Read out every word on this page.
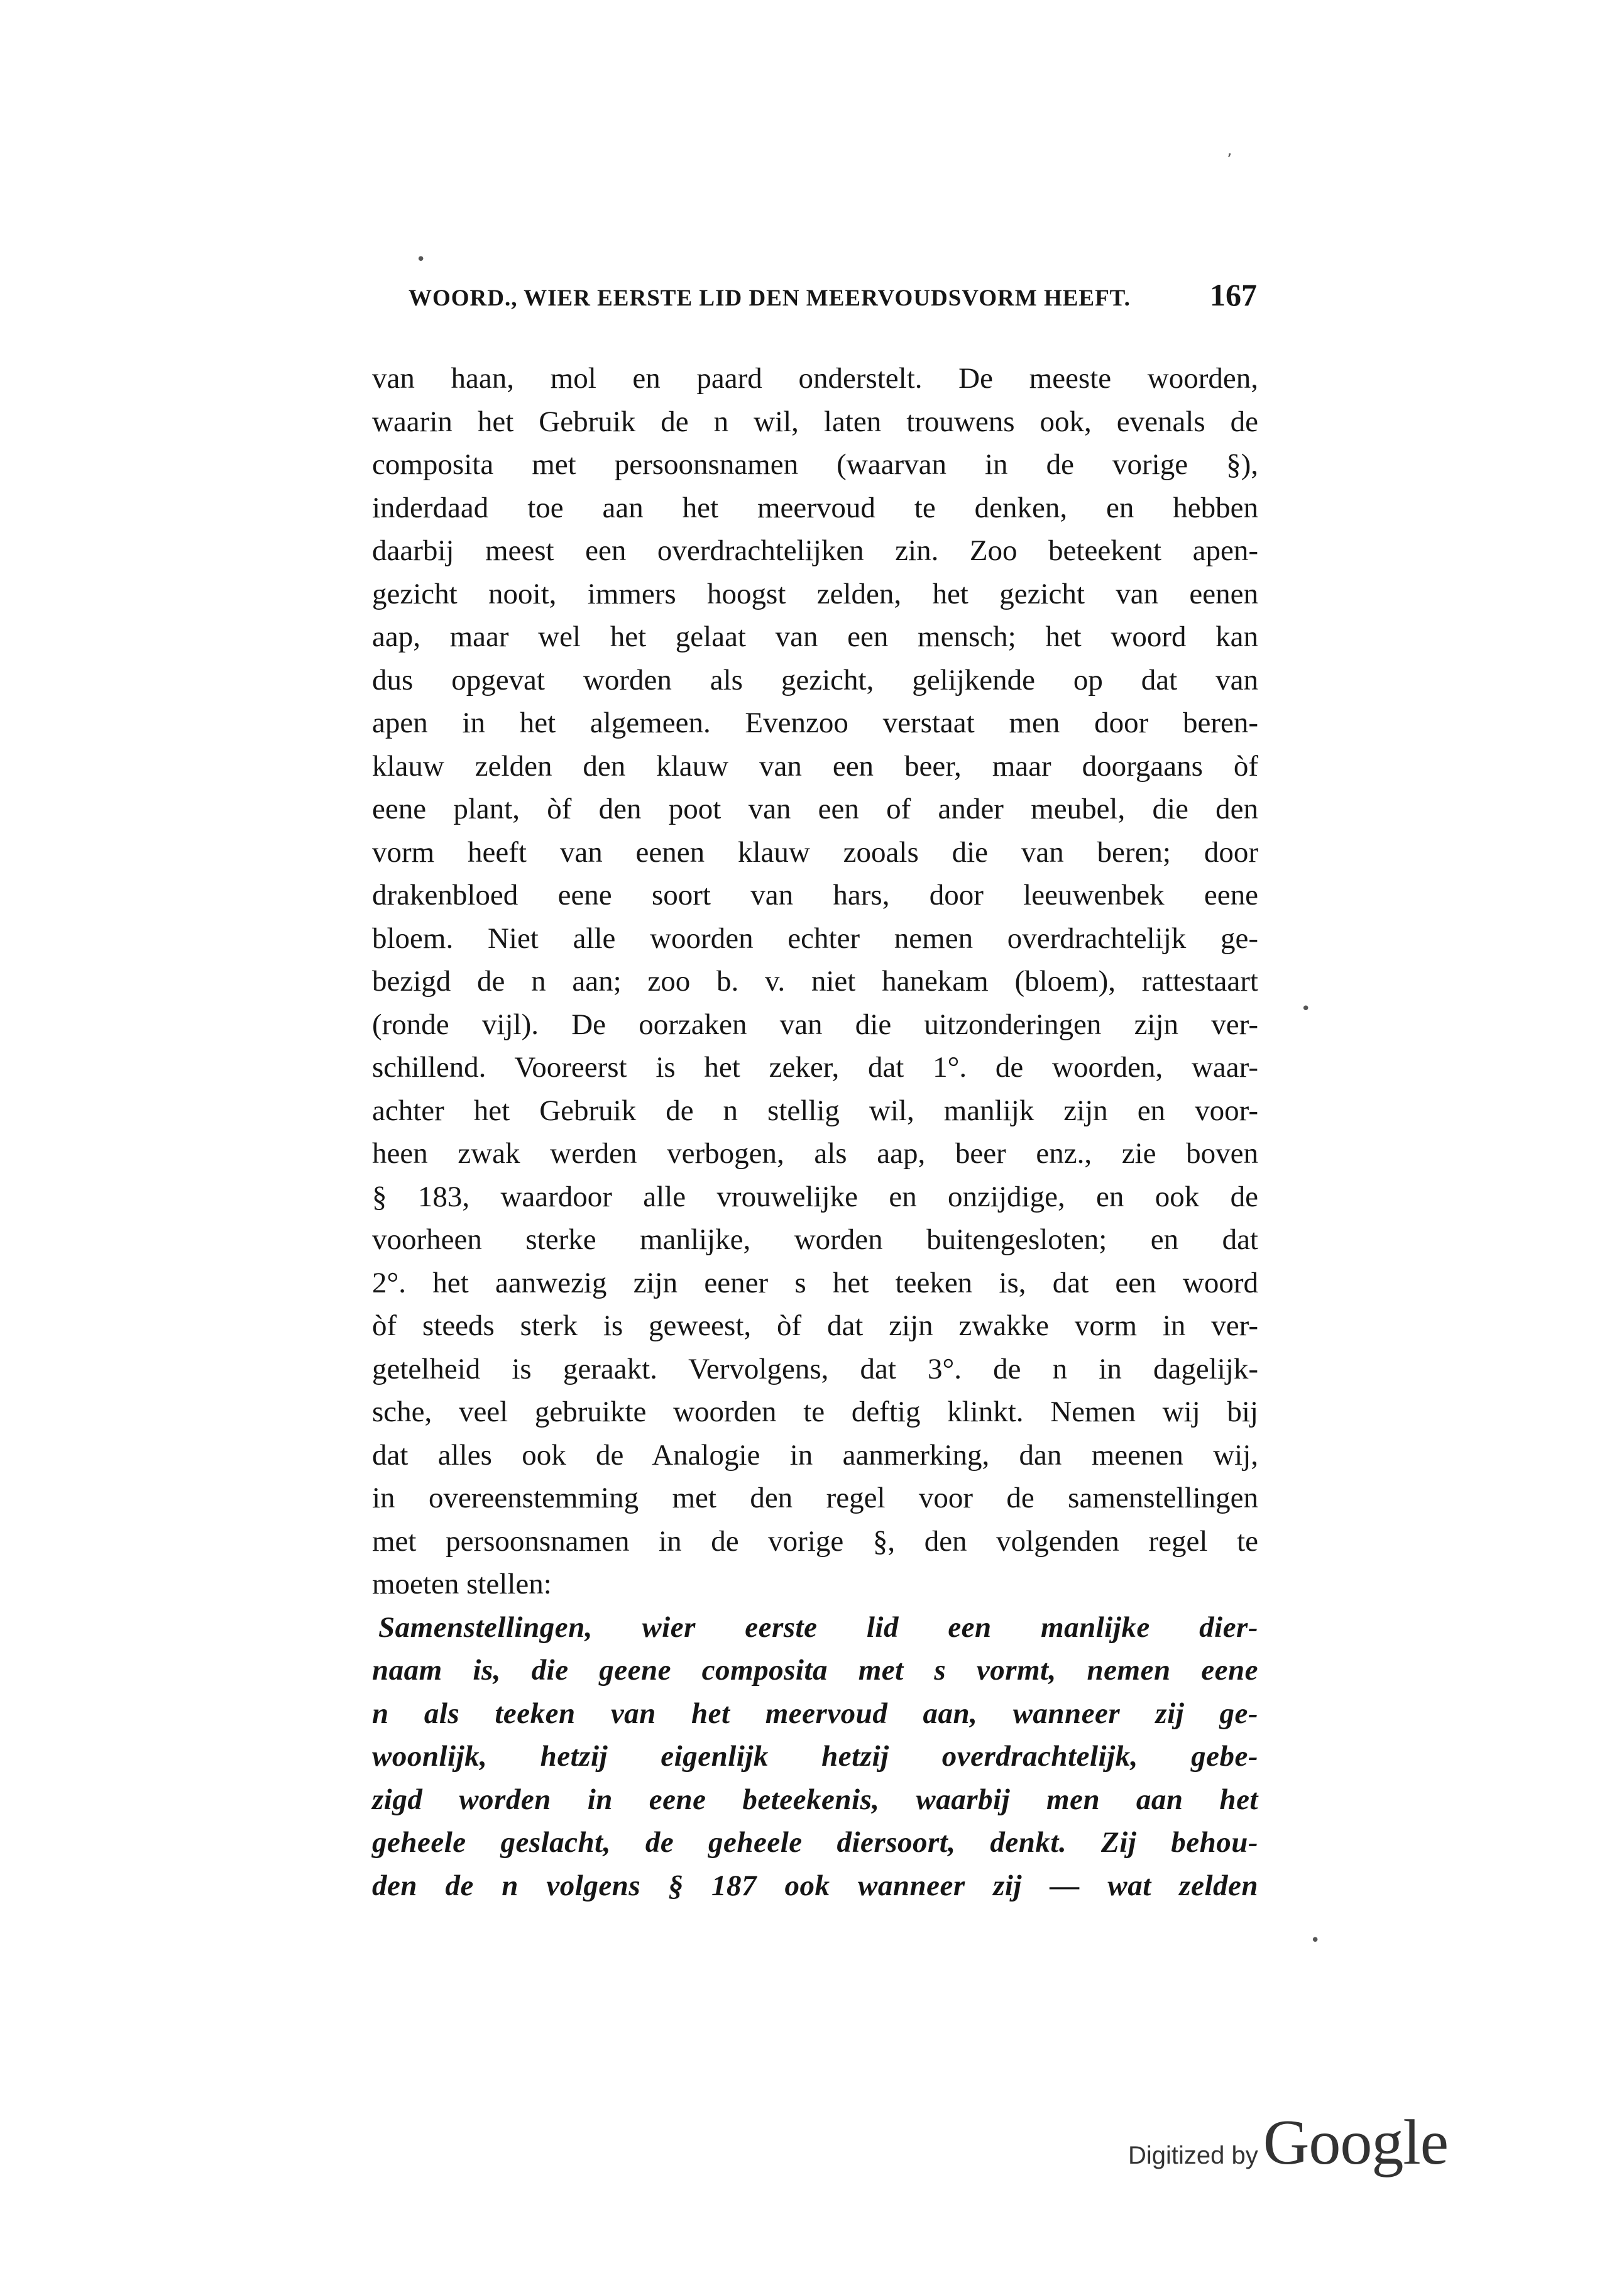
•
ʼ
•
•
WOORD., WIER EERSTE LID DEN MEERVOUDSVORM HEEFT.	167
van haan, mol en paard onderstelt. De meeste woorden,
waarin het Gebruik de n wil, laten trouwens ook, evenals de
composita met persoonsnamen (waarvan in de vorige §),
inderdaad toe aan het meervoud te denken, en hebben
daarbij meest een overdrachtelijken zin. Zoo beteekent apen-
gezicht nooit, immers hoogst zelden, het gezicht van eenen
aap, maar wel het gelaat van een mensch; het woord kan
dus opgevat worden als gezicht, gelijkende op dat van
apen in het algemeen. Evenzoo verstaat men door beren-
klauw zelden den klauw van een beer, maar doorgaans òf
eene plant, òf den poot van een of ander meubel, die den
vorm heeft van eenen klauw zooals die van beren; door
drakenbloed eene soort van hars, door leeuwenbek eene
bloem. Niet alle woorden echter nemen overdrachtelijk ge-
bezigd de n aan; zoo b. v. niet hanekam (bloem), rattestaart
(ronde vijl). De oorzaken van die uitzonderingen zijn ver-
schillend. Vooreerst is het zeker, dat 1°. de woorden, waar-
achter het Gebruik de n stellig wil, manlijk zijn en voor-
heen zwak werden verbogen, als aap, beer enz., zie boven
§ 183, waardoor alle vrouwelijke en onzijdige, en ook de
voorheen sterke manlijke, worden buitengesloten; en dat
2°. het aanwezig zijn eener s het teeken is, dat een woord
òf steeds sterk is geweest, òf dat zijn zwakke vorm in ver-
getelheid is geraakt. Vervolgens, dat 3°. de n in dagelijk-
sche, veel gebruikte woorden te deftig klinkt. Nemen wij bij
dat alles ook de Analogie in aanmerking, dan meenen wij,
in overeenstemming met den regel voor de samenstellingen
met persoonsnamen in de vorige §, den volgenden regel te
moeten stellen:
Samenstellingen, wier eerste lid een manlijke dier-
naam is, die geene composita met s vormt, nemen eene
n als teeken van het meervoud aan, wanneer zij ge-
woonlijk, hetzij eigenlijk hetzij overdrachtelijk, gebe-
zigd worden in eene beteekenis, waarbij men aan het
geheele geslacht, de geheele diersoort, denkt. Zij behou-
den de n volgens § 187 ook wanneer zij — wat zelden
Digitized by Google
